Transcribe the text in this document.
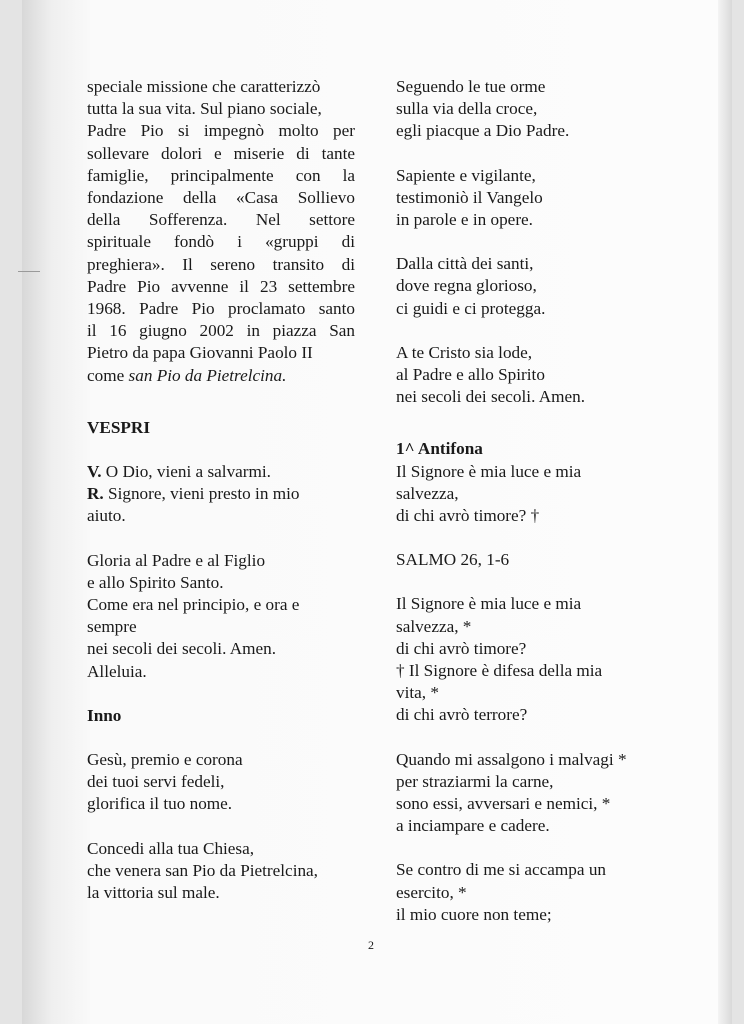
speciale missione che caratterizzò

tutta la sua vita. Sul piano sociale,

Padre Pio si impegnò molto per

sollevare dolori e miserie di tante

famiglie, principalmente con la

fondazione della «Casa Sollievo

della Sofferenza. Nel settore

spirituale fondò i «gruppi di

preghiera». Il sereno transito di

Padre Pio avvenne il 23 settembre

1968. Padre Pio proclamato santo

il 16 giugno 2002 in piazza San

Pietro da papa Giovanni Paolo II

come san Pio da Pietrelcina.

VESPRI

V. O Dio, vieni a salvarmi.

R. Signore, vieni presto in mio

aiuto.

Gloria al Padre e al Figlio

e allo Spirito Santo.

Come era nel principio, e ora e

sempre

nei secoli dei secoli. Amen.

Alleluia.

Inno

Gesù, premio e corona

dei tuoi servi fedeli,

glorifica il tuo nome.

Concedi alla tua Chiesa,

che venera san Pio da Pietrelcina,

la vittoria sul male.

Seguendo le tue orme

sulla via della croce,

egli piacque a Dio Padre.

Sapiente e vigilante,

testimoniò il Vangelo

in parole e in opere.

Dalla città dei santi,

dove regna glorioso,

ci guidi e ci protegga.

A te Cristo sia lode,

al Padre e allo Spirito

nei secoli dei secoli. Amen.

1^ Antifona

Il Signore è mia luce e mia

salvezza,

di chi avrò timore? †

SALMO 26, 1-6

Il Signore è mia luce e mia

salvezza, *

di chi avrò timore?

† Il Signore è difesa della mia

vita, *

di chi avrò terrore?

Quando mi assalgono i malvagi *

per straziarmi la carne,

sono essi, avversari e nemici, *

a inciampare e cadere.

Se contro di me si accampa un

esercito, *

il mio cuore non teme;

2
